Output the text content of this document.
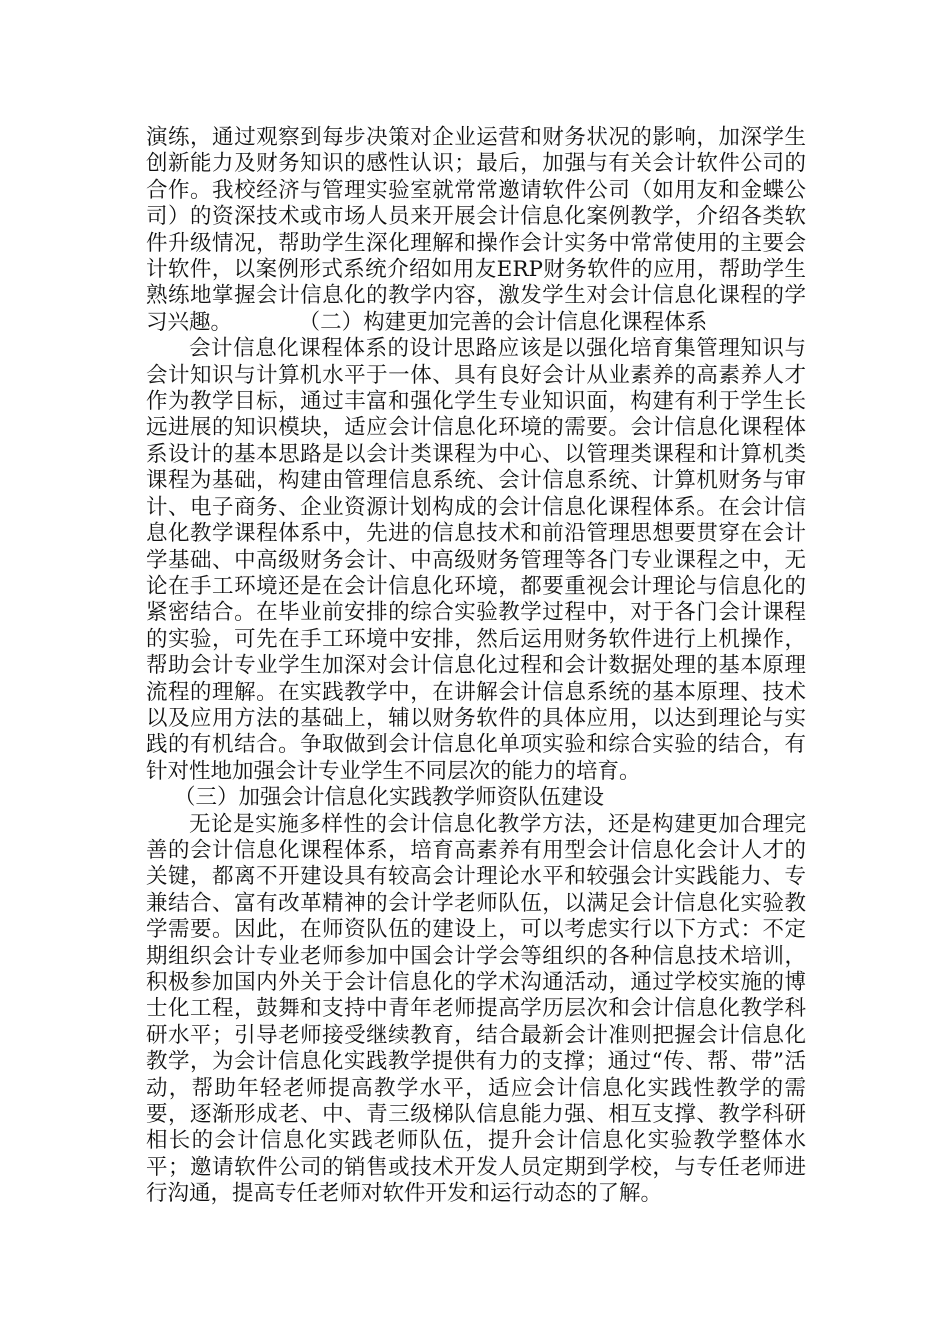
演练，通过观察到每步决策对企业运营和财务状况的影响，加深学生创新能力及财务知识的感性认识；最后，加强与有关会计软件公司的合作。我校经济与管理实验室就常常邀请软件公司（如用友和金蝶公司）的资深技术或市场人员来开展会计信息化案例教学，介绍各类软件升级情况，帮助学生深化理解和操作会计实务中常常使用的主要会计软件，以案例形式系统介绍如用友ERP财务软件的应用，帮助学生熟练地掌握会计信息化的教学内容，激发学生对会计信息化课程的学习兴趣。	（二）构建更加完善的会计信息化课程体系

会计信息化课程体系的设计思路应该是以强化培育集管理知识与会计知识与计算机水平于一体、具有良好会计从业素养的高素养人才作为教学目标，通过丰富和强化学生专业知识面，构建有利于学生长远进展的知识模块，适应会计信息化环境的需要。会计信息化课程体系设计的基本思路是以会计类课程为中心、以管理类课程和计算机类课程为基础，构建由管理信息系统、会计信息系统、计算机财务与审计、电子商务、企业资源计划构成的会计信息化课程体系。在会计信息化教学课程体系中，先进的信息技术和前沿管理思想要贯穿在会计学基础、中高级财务会计、中高级财务管理等各门专业课程之中，无论在手工环境还是在会计信息化环境，都要重视会计理论与信息化的紧密结合。在毕业前安排的综合实验教学过程中，对于各门会计课程的实验，可先在手工环境中安排，然后运用财务软件进行上机操作，帮助会计专业学生加深对会计信息化过程和会计数据处理的基本原理流程的理解。在实践教学中，在讲解会计信息系统的基本原理、技术以及应用方法的基础上，辅以财务软件的具体应用，以达到理论与实践的有机结合。争取做到会计信息化单项实验和综合实验的结合，有针对性地加强会计专业学生不同层次的能力的培育。

（三）加强会计信息化实践教学师资队伍建设

无论是实施多样性的会计信息化教学方法，还是构建更加合理完善的会计信息化课程体系，培育高素养有用型会计信息化会计人才的关键，都离不开建设具有较高会计理论水平和较强会计实践能力、专兼结合、富有改革精神的会计学老师队伍，以满足会计信息化实验教学需要。因此，在师资队伍的建设上，可以考虑实行以下方式：不定期组织会计专业老师参加中国会计学会等组织的各种信息技术培训，积极参加国内外关于会计信息化的学术沟通活动，通过学校实施的博士化工程，鼓舞和支持中青年老师提高学历层次和会计信息化教学科研水平；引导老师接受继续教育，结合最新会计准则把握会计信息化教学，为会计信息化实践教学提供有力的支撑；通过“传、帮、带”活动，帮助年轻老师提高教学水平，适应会计信息化实践性教学的需要，逐渐形成老、中、青三级梯队信息能力强、相互支撑、教学科研相长的会计信息化实践老师队伍，提升会计信息化实验教学整体水平；邀请软件公司的销售或技术开发人员定期到学校，与专任老师进行沟通，提高专任老师对软件开发和运行动态的了解。
